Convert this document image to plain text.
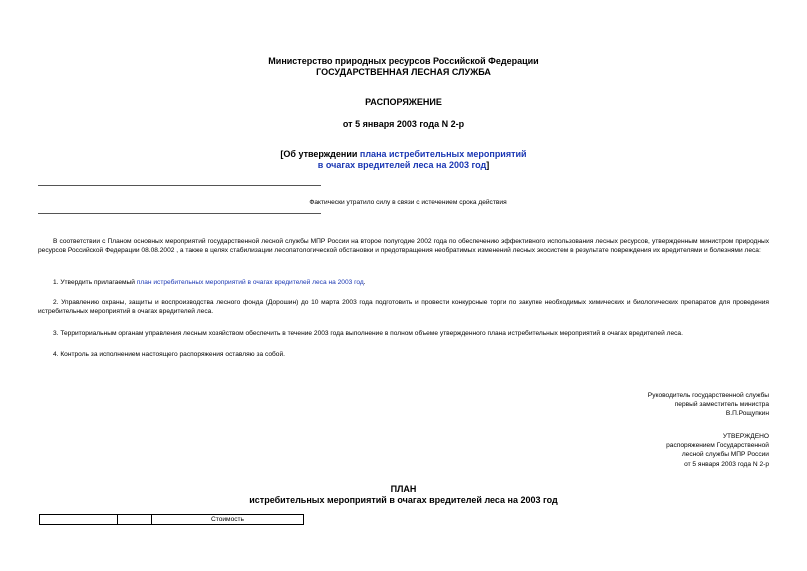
Министерство природных ресурсов Российской Федерации
ГОСУДАРСТВЕННАЯ ЛЕСНАЯ СЛУЖБА
РАСПОРЯЖЕНИЕ
от 5 января 2003 года N 2-р
[Об утверждении плана истребительных мероприятий
в очагах вредителей леса на 2003 год]
Фактически утратило силу в связи с истечением срока действия
В соответствии с Планом основных мероприятий государственной лесной службы МПР России на второе полугодие 2002 года по обеспечению эффективного использования лесных ресурсов, утвержденным министром природных ресурсов Российской Федерации 08.08.2002 , а также в целях стабилизации лесопатологической обстановки и предотвращения необратимых изменений лесных экосистем в результате повреждения их вредителями и болезнями леса:
1. Утвердить прилагаемый план истребительных мероприятий в очагах вредителей леса на 2003 год.
2. Управлению охраны, защиты и воспроизводства лесного фонда (Дорошин) до 10 марта 2003 года подготовить и провести конкурсные торги по закупке необходимых химических и биологических препаратов для проведения истребительных мероприятий в очагах вредителей леса.
3. Территориальным органам управления лесным хозяйством обеспечить в течение 2003 года выполнение в полном объеме утвержденного плана истребительных мероприятий в очагах вредителей леса.
4. Контроль за исполнением настоящего распоряжения оставляю за собой.
Руководитель государственной службы
первый заместитель министра
В.П.Рощупкин
УТВЕРЖДЕНО
распоряжением Государственной
лесной службы МПР России
от 5 января 2003 года N 2-р
ПЛАН
истребительных мероприятий в очагах вредителей леса на 2003 год
		Стоимость
